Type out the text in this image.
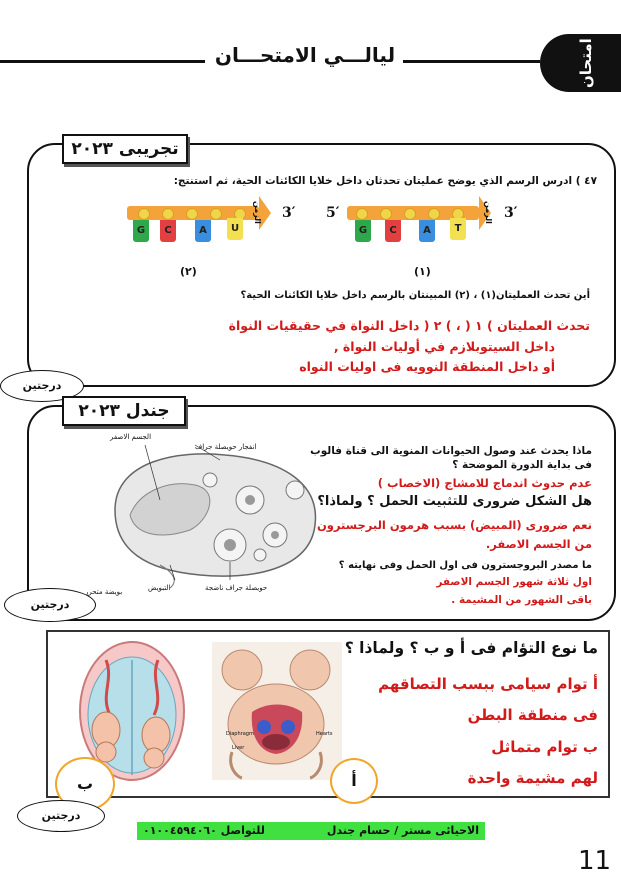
ليالـــي الامتحـــان	امتحان
تجريبى ٢٠٢٣
٤٧ ) ادرس الرسم الذي يوضح عمليتان تحدثان داخل خلايا الكائنات الحية، ثم استنتج:
G	C	A	U
الزمن 3′
(٢)
5′
G	C	A	T
الزمن 3′
(١)
أين تحدث العمليتان(١) ، (٢) المبينتان بالرسم داخل خلايا الكائنات الحية؟
تحدث العمليتان ) ١ ( ، ) ٢ ( داخل النواة في حقيقيات النواة
داخل السيتوبلازم في أوليات النواة ,
أو داخل المنطقة النوويه فى اوليات النواه
درجتين
جندل ٢٠٢٣
الجسم الاصفر
انفجار حويصلة جراف
بويضة متحرر	التبويض	حويصلة جراف ناضجة
ماذا يحدث عند وصول الحيوانات المنوية الى قناة فالوب فى بداية الدورة الموضحة ؟
عدم حدوث اندماج للامشاج (الاخصاب )
هل الشكل ضرورى للتثبيت الحمل ؟ ولماذا؟
نعم ضرورى (المبيض) بسبب هرمون البرجسترون من الجسم الاصفر.
ما مصدر البروجسترون فى اول الحمل وفى نهايته ؟
اول ثلاثة شهور الجسم الاصفر
باقى الشهور من المشيمة .
درجتين
Diaphragm
Liver
Hearts
ب	أ
ما نوع التؤام فى أ و ب ؟ ولماذا ؟
أ توام سيامى ببسب التصاقهم
فى منطقة البطن
ب توام متماثل
لهم مشيمة واحدة
درجتين
للتواصل ٠١٠٠٤٥٩٤٠٦٠	الاحيائى مستر / حسام جندل
11
